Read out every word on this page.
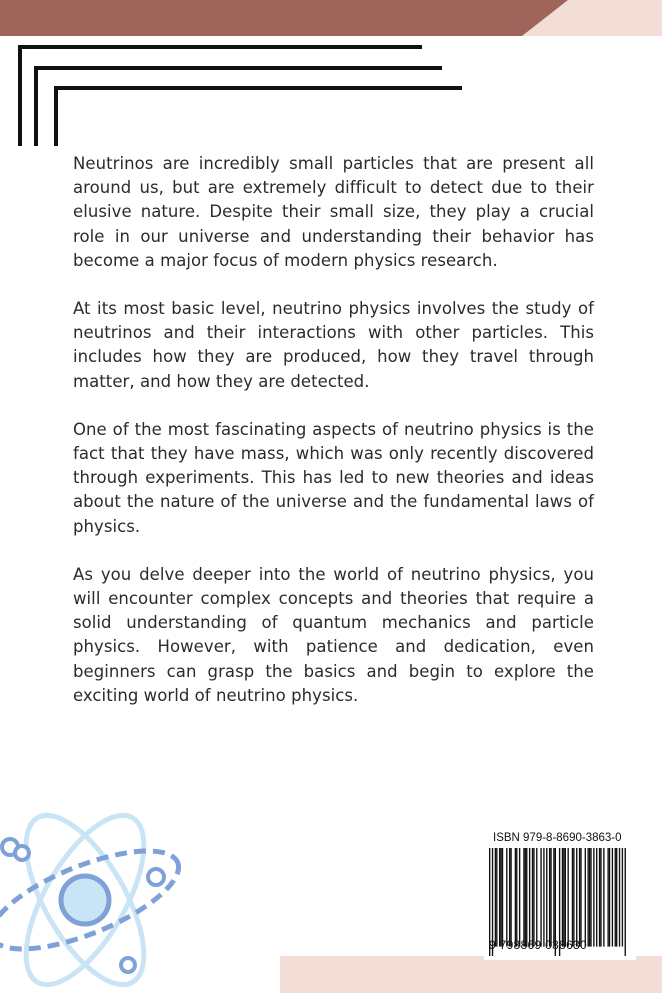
Neutrinos are incredibly small particles that are present all around us, but are extremely difficult to detect due to their elusive nature. Despite their small size, they play a crucial role in our universe and understanding their behavior has become a major focus of modern physics research.

At its most basic level, neutrino physics involves the study of neutrinos and their interactions with other particles. This includes how they are produced, how they travel through matter, and how they are detected.

One of the most fascinating aspects of neutrino physics is the fact that they have mass, which was only recently discovered through experiments. This has led to new theories and ideas about the nature of the universe and the fundamental laws of physics.

As you delve deeper into the world of neutrino physics, you will encounter complex concepts and theories that require a solid understanding of quantum mechanics and particle physics. However, with patience and dedication, even beginners can grasp the basics and begin to explore the exciting world of neutrino physics.

ISBN 979-8-8690-3863-0
9 798869 038630
